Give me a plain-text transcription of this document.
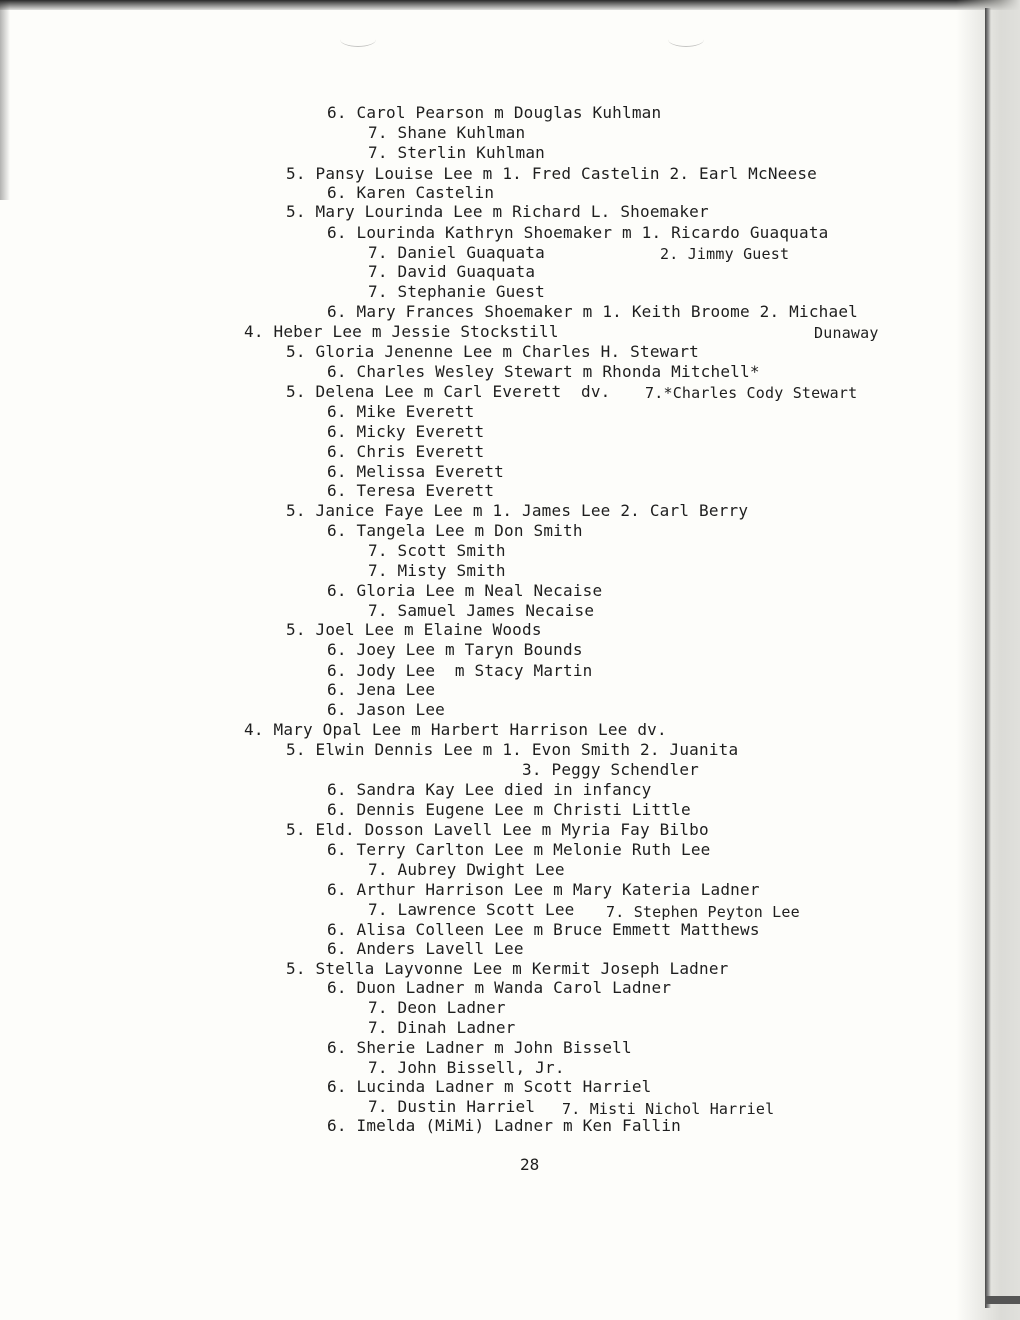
6. Carol Pearson m Douglas Kuhlman
7. Shane Kuhlman
7. Sterlin Kuhlman
5. Pansy Louise Lee m 1. Fred Castelin 2. Earl McNeese
6. Karen Castelin
5. Mary Lourinda Lee m Richard L. Shoemaker
6. Lourinda Kathryn Shoemaker m 1. Ricardo Guaquata
7. Daniel Guaquata	2. Jimmy Guest
7. David Guaquata
7. Stephanie Guest
6. Mary Frances Shoemaker m 1. Keith Broome 2. Michael
4. Heber Lee m Jessie Stockstill	Dunaway
5. Gloria Jenenne Lee m Charles H. Stewart
6. Charles Wesley Stewart m Rhonda Mitchell*
5. Delena Lee m Carl Everett  dv. 7.*Charles Cody Stewart
6. Mike Everett
6. Micky Everett
6. Chris Everett
6. Melissa Everett
6. Teresa Everett
5. Janice Faye Lee m 1. James Lee 2. Carl Berry
6. Tangela Lee m Don Smith
7. Scott Smith
7. Misty Smith
6. Gloria Lee m Neal Necaise
7. Samuel James Necaise
5. Joel Lee m Elaine Woods
6. Joey Lee m Taryn Bounds
6. Jody Lee  m Stacy Martin
6. Jena Lee
6. Jason Lee
4. Mary Opal Lee m Harbert Harrison Lee dv.
5. Elwin Dennis Lee m 1. Evon Smith 2. Juanita
3. Peggy Schendler
6. Sandra Kay Lee died in infancy
6. Dennis Eugene Lee m Christi Little
5. Eld. Dosson Lavell Lee m Myria Fay Bilbo
6. Terry Carlton Lee m Melonie Ruth Lee
7. Aubrey Dwight Lee
6. Arthur Harrison Lee m Mary Kateria Ladner
7. Lawrence Scott Lee 7. Stephen Peyton Lee
6. Alisa Colleen Lee m Bruce Emmett Matthews
6. Anders Lavell Lee
5. Stella Layvonne Lee m Kermit Joseph Ladner
6. Duon Ladner m Wanda Carol Ladner
7. Deon Ladner
7. Dinah Ladner
6. Sherie Ladner m John Bissell
7. John Bissell, Jr.
6. Lucinda Ladner m Scott Harriel
7. Dustin Harriel 7. Misti Nichol Harriel
6. Imelda (MiMi) Ladner m Ken Fallin
28
